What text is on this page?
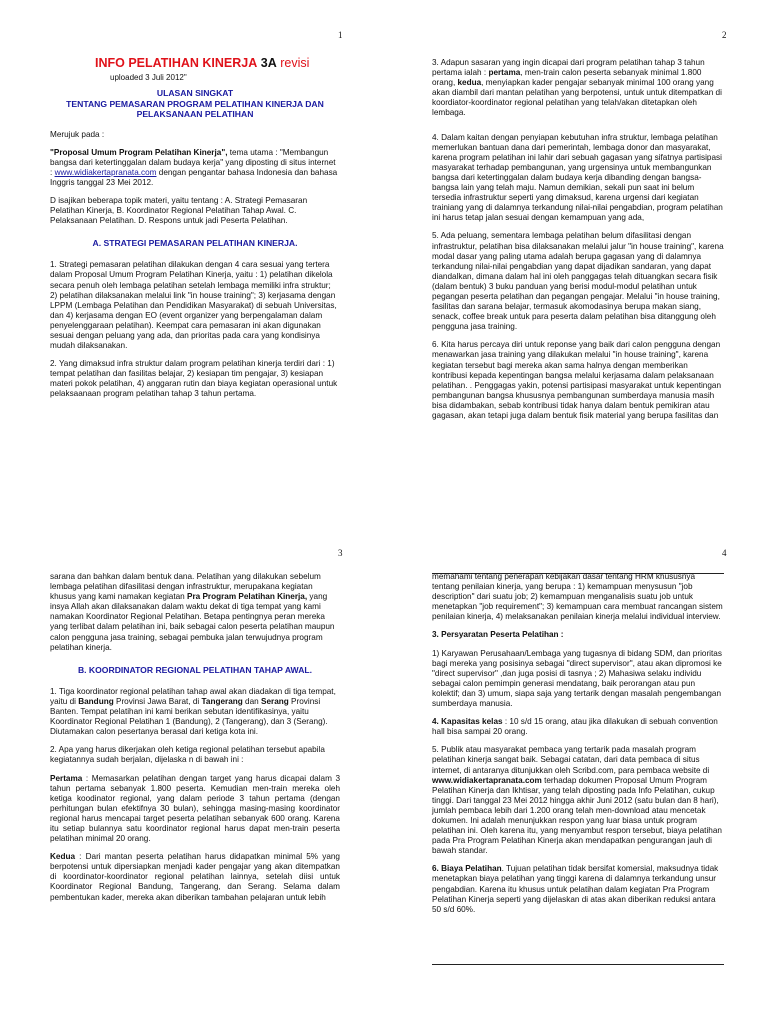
1
INFO PELATIHAN KINERJA 3A revisi
uploaded 3 Juli 2012"
ULASAN SINGKAT
TENTANG PEMASARAN PROGRAM PELATIHAN KINERJA DAN
PELAKSANAAN PELATIHAN

Merujuk pada :

"Proposal Umum Program Pelatihan Kinerja", tema utama : "Membangun bangsa dari ketertinggalan dalam budaya kerja" yang diposting di situs internet : www.widiakertapranata.com dengan pengantar bahasa Indonesia dan bahasa Inggris tanggal 23 Mei 2012.

D isajikan beberapa topik materi, yaitu tentang : A. Strategi Pemasaran Pelatihan Kinerja, B. Koordinator Regional Pelatihan Tahap Awal. C. Pelaksanaan Pelatihan. D. Respons untuk jadi Peserta Pelatihan.

A. STRATEGI PEMASARAN PELATIHAN KINERJA.

1. Strategi pemasaran pelatihan dilakukan dengan 4 cara sesuai yang tertera dalam Proposal Umum Program Pelatihan Kinerja, yaitu : 1) pelatihan dikelola secara penuh oleh lembaga pelatihan setelah lembaga memiliki infra struktur; 2) pelatihan dilaksanakan melalui link "in house training"; 3) kerjasama dengan LPPM (Lembaga Pelatihan dan Pendidikan Masyarakat) di sebuah Universitas, dan 4) kerjasama dengan EO (event organizer yang berpengalaman dalam penyelenggaraan pelatihan). Keempat cara pemasaran ini akan digunakan sesuai dengan peluang yang ada, dan prioritas pada cara yang kondisinya mudah dilaksanakan.

2. Yang dimaksud infra struktur dalam program pelatihan kinerja terdiri dari : 1) tempat pelatihan dan fasilitas belajar, 2) kesiapan tim pengajar, 3) kesiapan materi pokok pelatihan, 4) anggaran rutin dan biaya kegiatan operasional untuk pelaksaanaan program pelatihan tahap 3 tahun pertama.

2

3. Adapun sasaran yang ingin dicapai dari program pelatihan tahap 3 tahun pertama ialah : pertama, men-train calon peserta sebanyak minimal 1.800 orang, kedua, menyiapkan kader pengajar sebanyak minimal 100 orang yang akan diambil dari mantan pelatihan yang berpotensi, untuk untuk ditempatkan di koordiator-koordinator regional pelatihan yang telah/akan ditetapkan oleh lembaga.

4. Dalam kaitan dengan penyiapan kebutuhan infra struktur, lembaga pelatihan memerlukan bantuan dana dari pemerintah, lembaga donor dan masyarakat, karena program pelatihan ini lahir dari sebuah gagasan yang sifatnya partisipasi masyarakat terhadap pembangunan, yang urgensinya untuk membangunkan bangsa dari ketertinggalan dalam budaya kerja dibanding dengan bangsa-bangsa lain yang telah maju. Namun demikian, sekali pun saat ini belum tersedia infrastruktur seperti yang dimaksud, karena urgensi dari kegiatan trainiang yang di dalamnya terkandung nilai-nilai pengabdian, program pelatihan ini harus tetap jalan sesuai dengan kemampuan yang ada,

5. Ada peluang, sementara lembaga pelatihan belum difasilitasi dengan infrastruktur, pelatihan bisa dilaksanakan melalui jalur "in house training", karena modal dasar yang paling utama adalah berupa gagasan yang di dalamnya terkandung nilai-nilai pengabdian yang dapat dijadikan sandaran, yang dapat diandalkan, dimana dalam hal ini oleh panggagas telah dituangkan secara fisik (dalam bentuk) 3 buku panduan yang berisi modul-modul pelatihan untuk pegangan peserta pelatihan dan pegangan pengajar. Melalui "in house training, fasilitas dan sarana belajar, termasuk akomodasinya berupa makan siang, senack, coffee break untuk para peserta dalam pelatihan bisa ditanggung oleh pengguna jasa training.

6. Kita harus percaya diri untuk reponse yang baik dari calon pengguna dengan menawarkan jasa training yang dilakukan melalui "in house training", karena kegiatan tersebut bagi mereka akan sama halnya dengan memberikan kontribusi kepada kepentingan bangsa melalui kerjasama dalam pelaksanaan pelatihan. . Penggagas yakin, potensi partisipasi masyarakat untuk kepentingan pembangunan bangsa khususnya pembangunan sumberdaya manusia masih bisa didambakan, sebab kontribusi tidak hanya dalam bentuk pemikiran atau gagasan, akan tetapi juga dalam bentuk fisik material yang berupa fasilitas dan

3

sarana dan bahkan dalam bentuk dana. Pelatihan yang dilakukan sebelum lembaga pelatihan difasilitasi dengan infrastruktur, merupakana kegiatan khusus yang kami namakan kegiatan Pra Program Pelatihan Kinerja, yang insya Allah akan dilaksanakan dalam waktu dekat di tiga tempat yang kami namakan Koordinator Regional Pelatihan. Betapa pentingnya peran mereka yang terlibat dalam pelatihan ini, baik sebagai calon peserta pelatihan maupun calon pengguna jasa training, sebagai pembuka jalan terwujudnya program pelatihan kinerja.

B. KOORDINATOR REGIONAL PELATIHAN TAHAP AWAL.

1. Tiga koordinator regional pelatihan tahap awal akan diadakan di tiga tempat, yaitu di Bandung Provinsi Jawa Barat, di Tangerang dan Serang Provinsi Banten. Tempat pelatihan ini kami berikan sebutan identifikasinya, yaitu Koordinator Regional Pelatihan 1 (Bandung), 2 (Tangerang), dan 3 (Serang). Diutamakan calon pesertanya berasal dari ketiga kota ini.

2. Apa yang harus dikerjakan oleh ketiga regional pelatihan tersebut apabila kegiatannya sudah berjalan, dijelaska n di bawah ini :

Pertama : Memasarkan pelatihan dengan target yang harus dicapai dalam 3 tahun pertama sebanyak 1.800 peserta. Kemudian men-train mereka oleh ketiga koodinator regional, yang dalam periode 3 tahun pertama (dengan perhitungan bulan efektifnya 30 bulan), sehingga masing-masing koordinator regional harus mencapai target peserta pelatihan sebanyak 600 orang. Karena itu setiap bulannya satu koordinator regional harus dapat men-train peserta pelatihan minimal 20 orang.

Kedua : Dari mantan peserta pelatihan harus didapatkan minimal 5% yang berpotensi untuk dipersiapkan menjadi kader pengajar yang akan ditempatkan di koordinator-koordinator regional pelatihan lainnya, setelah diisi untuk Koordinator Regional Bandung, Tangerang, dan Serang. Selama dalam pembentukan kader, mereka akan diberikan tambahan pelajaran untuk lebih

4

memahami tentang penerapan kebijakan dasar tentang HRM khususnya tentang penilaian kinerja, yang berupa : 1) kemampuan menysusun "job description" dari suatu job; 2) kemampuan menganalisis suatu job untuk menetapkan "job requirement"; 3) kemampuan cara membuat rancangan sistem penilaian kinerja, 4) melaksanakan penilaian kinerja melalui individual interview.

3. Persyaratan Peserta Pelatihan :

1) Karyawan Perusahaan/Lembaga yang tugasnya di bidang SDM, dan prioritas bagi mereka yang posisinya sebagai "direct supervisor", atau akan dipromosi ke "direct supervisor" ,dan juga posisi di tasnya ; 2) Mahasiwa selaku individu sebagai calon pemimpin generasi mendatang, baik perorangan atau pun kolektif; dan 3) umum, siapa saja yang tertarik dengan masalah pengembangan sumberdaya manusia.

4. Kapasitas kelas : 10 s/d 15 orang, atau jika dilakukan di sebuah convention hall bisa sampai 20 orang.

5. Publik atau masyarakat pembaca yang tertarik pada masalah program pelatihan kinerja sangat baik. Sebagai catatan, dari data pembaca di situs internet, di antaranya ditunjukkan oleh Scribd.com, para pembaca website di www.widiakertapranata.com terhadap dokumen Proposal Umum Program Pelatihan Kinerja dan Ikhtisar, yang telah diposting pada Info Pelatihan, cukup tinggi. Dari tanggal 23 Mei 2012 hingga akhir Juni 2012 (satu bulan dan 8 hari), jumlah pembaca lebih dari 1.200 orang telah men-download atau mencetak dokumen. Ini adalah menunjukkan respon yang luar biasa untuk program pelatihan ini. Oleh karena itu, yang menyambut respon tersebut, biaya pelatihan pada Pra Program Pelatihan Kinerja akan mendapatkan pengurangan jauh di bawah standar.

6. Biaya Pelatihan. Tujuan pelatihan tidak bersifat komersial, maksudnya tidak menetapkan biaya pelatihan yang tinggi karena di dalamnya terkandung unsur pengabdian. Karena itu khusus untuk pelatihan dalam kegiatan Pra Program Pelatihan Kinerja seperti yang dijelaskan di atas akan diberikan reduksi antara 50 s/d 60%.
